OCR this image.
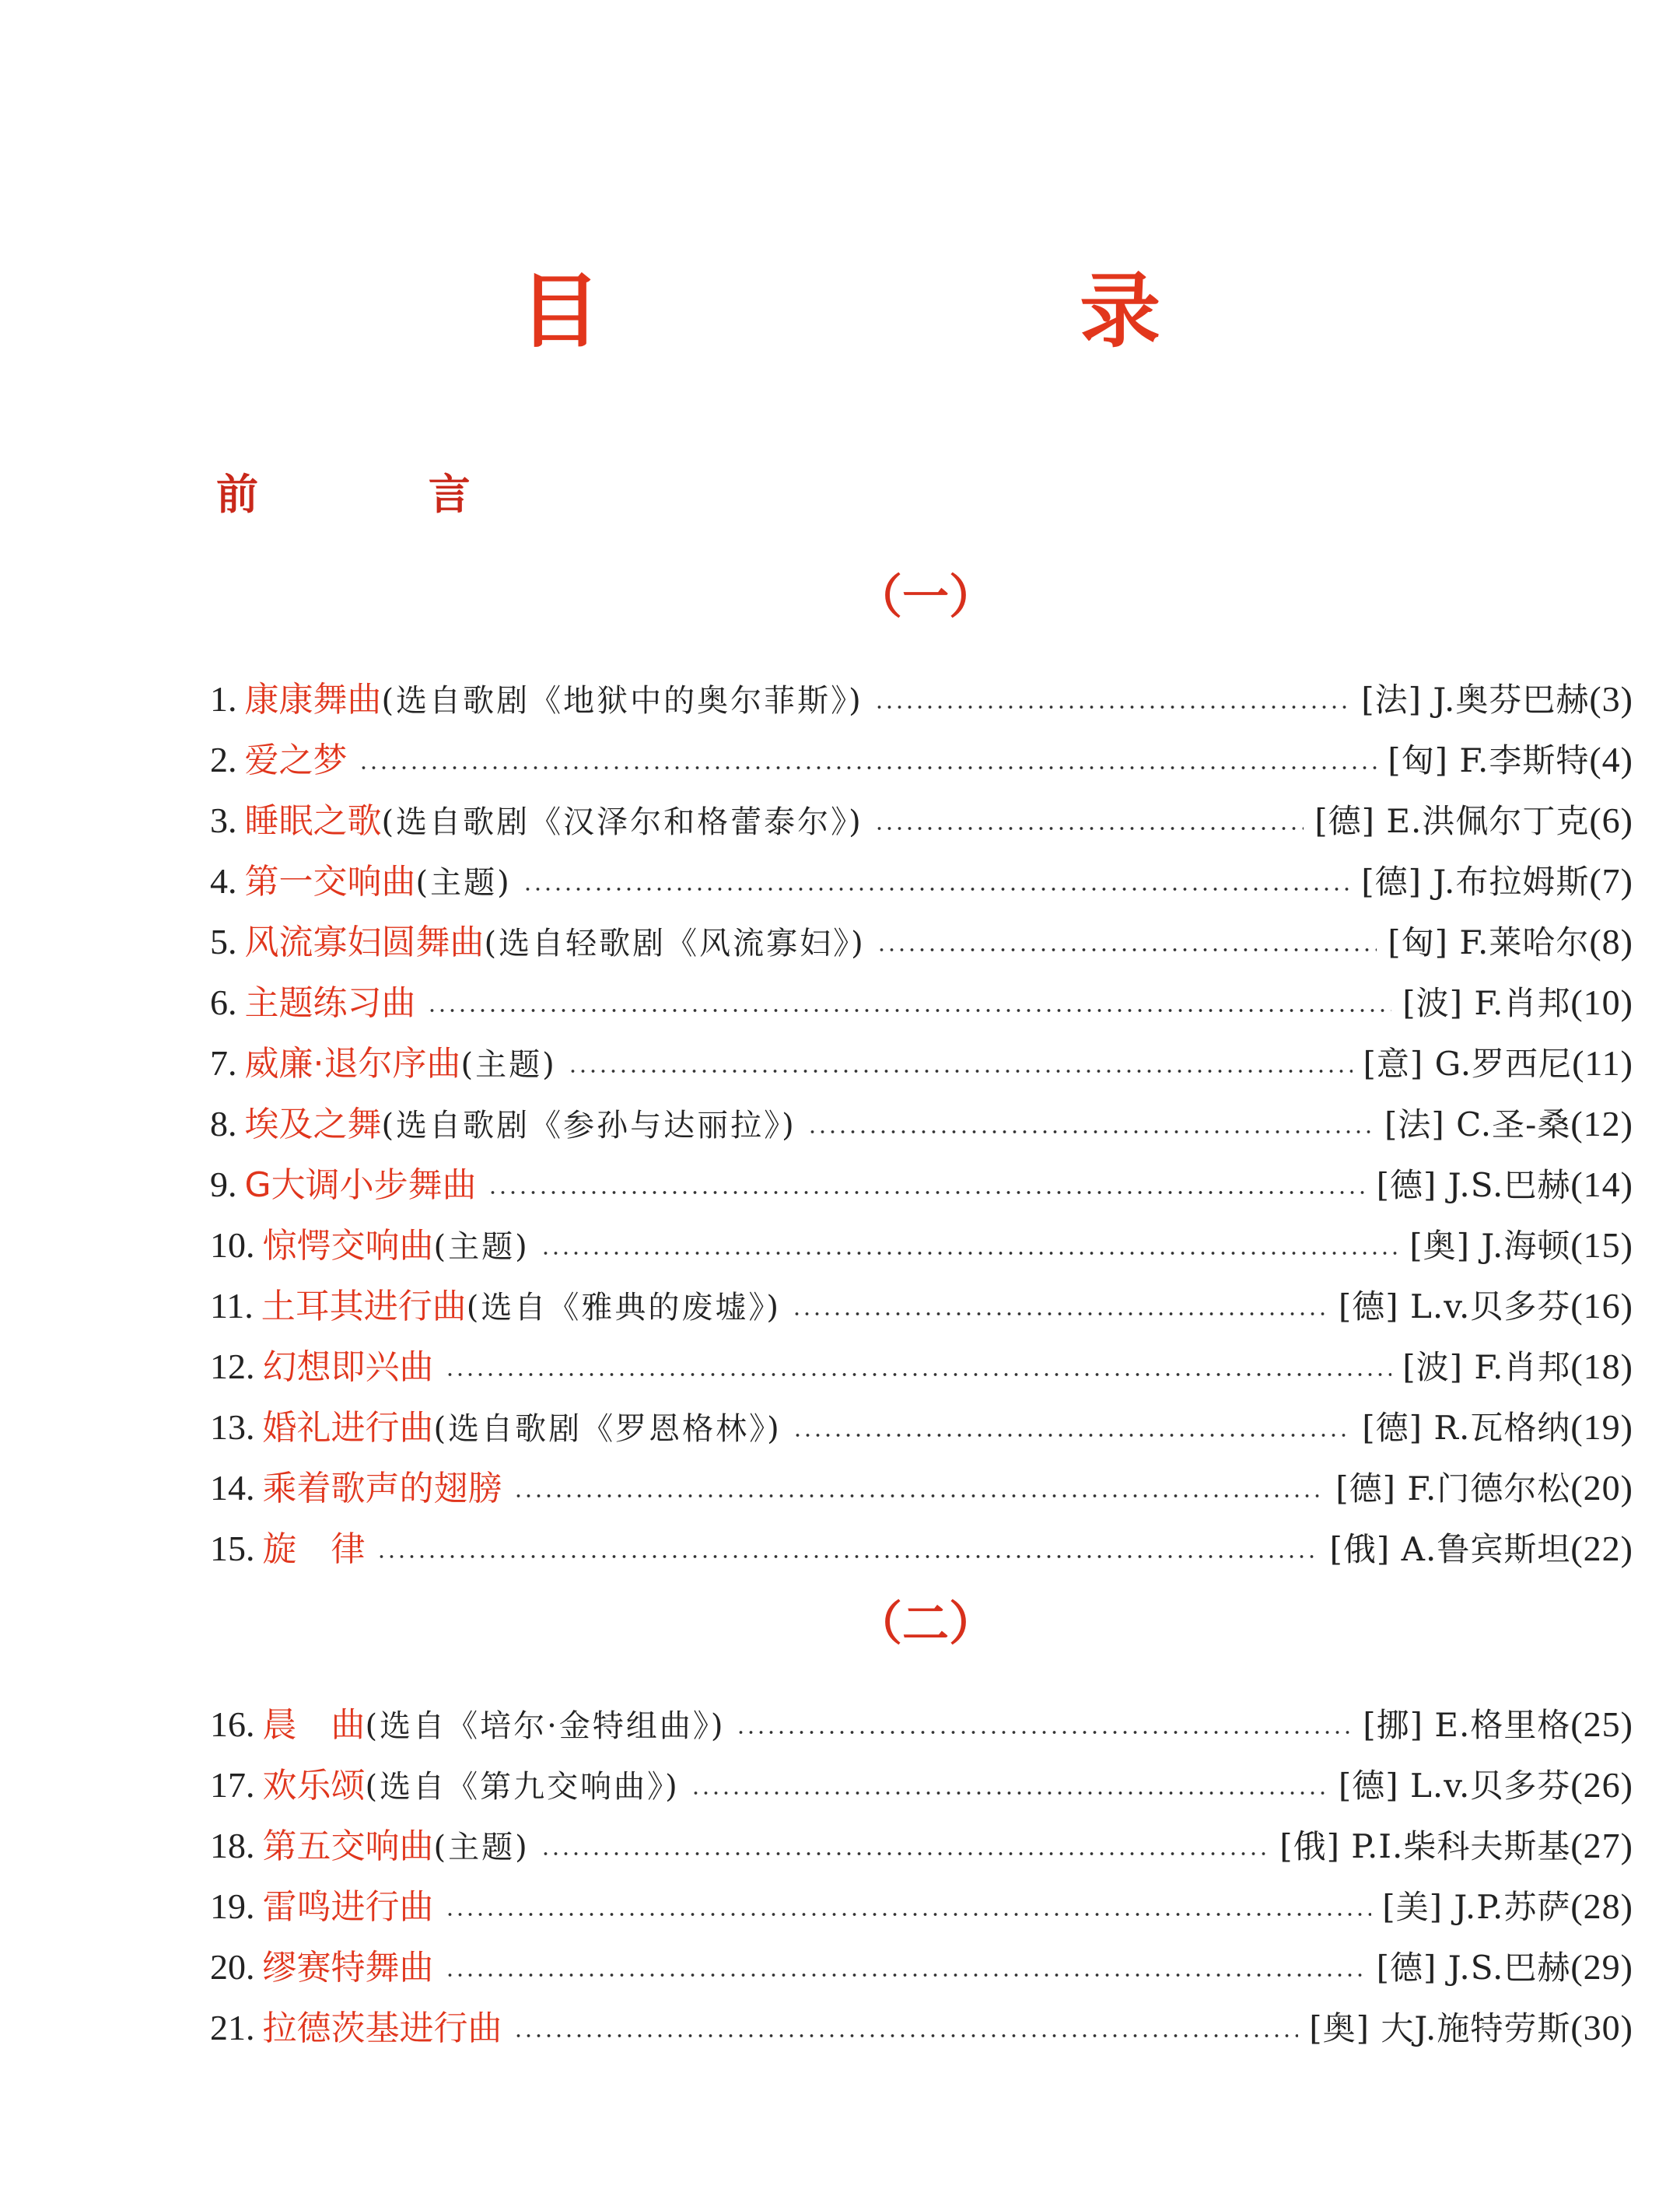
目 录
前 言
（一）
1. 康康舞曲 (选自歌剧《地狱中的奥尔菲斯》)	[法] J.奥芬巴赫(3)
2. 爱之梦	[匈] F.李斯特(4)
3. 睡眠之歌 (选自歌剧《汉泽尔和格蕾泰尔》)	[德] E.洪佩尔丁克(6)
4. 第一交响曲 (主题)	[德] J.布拉姆斯(7)
5. 风流寡妇圆舞曲 (选自轻歌剧《风流寡妇》)	[匈] F.莱哈尔(8)
6. 主题练习曲	[波] F.肖邦(10)
7. 威廉·退尔序曲 (主题)	[意] G.罗西尼(11)
8. 埃及之舞 (选自歌剧《参孙与达丽拉》)	[法] C.圣-桑(12)
9. G大调小步舞曲	[德] J.S.巴赫(14)
10. 惊愕交响曲 (主题)	[奥] J.海顿(15)
11. 土耳其进行曲 (选自《雅典的废墟》)	[德] L.v.贝多芬(16)
12. 幻想即兴曲	[波] F.肖邦(18)
13. 婚礼进行曲 (选自歌剧《罗恩格林》)	[德] R.瓦格纳(19)
14. 乘着歌声的翅膀	[德] F.门德尔松(20)
15. 旋　律	[俄] A.鲁宾斯坦(22)
（二）
16. 晨　曲 (选自《培尔·金特组曲》)	[挪] E.格里格(25)
17. 欢乐颂 (选自《第九交响曲》)	[德] L.v.贝多芬(26)
18. 第五交响曲 (主题)	[俄] P.I.柴科夫斯基(27)
19. 雷鸣进行曲	[美] J.P.苏萨(28)
20. 缪赛特舞曲	[德] J.S.巴赫(29)
21. 拉德茨基进行曲	[奥] 大J.施特劳斯(30)
